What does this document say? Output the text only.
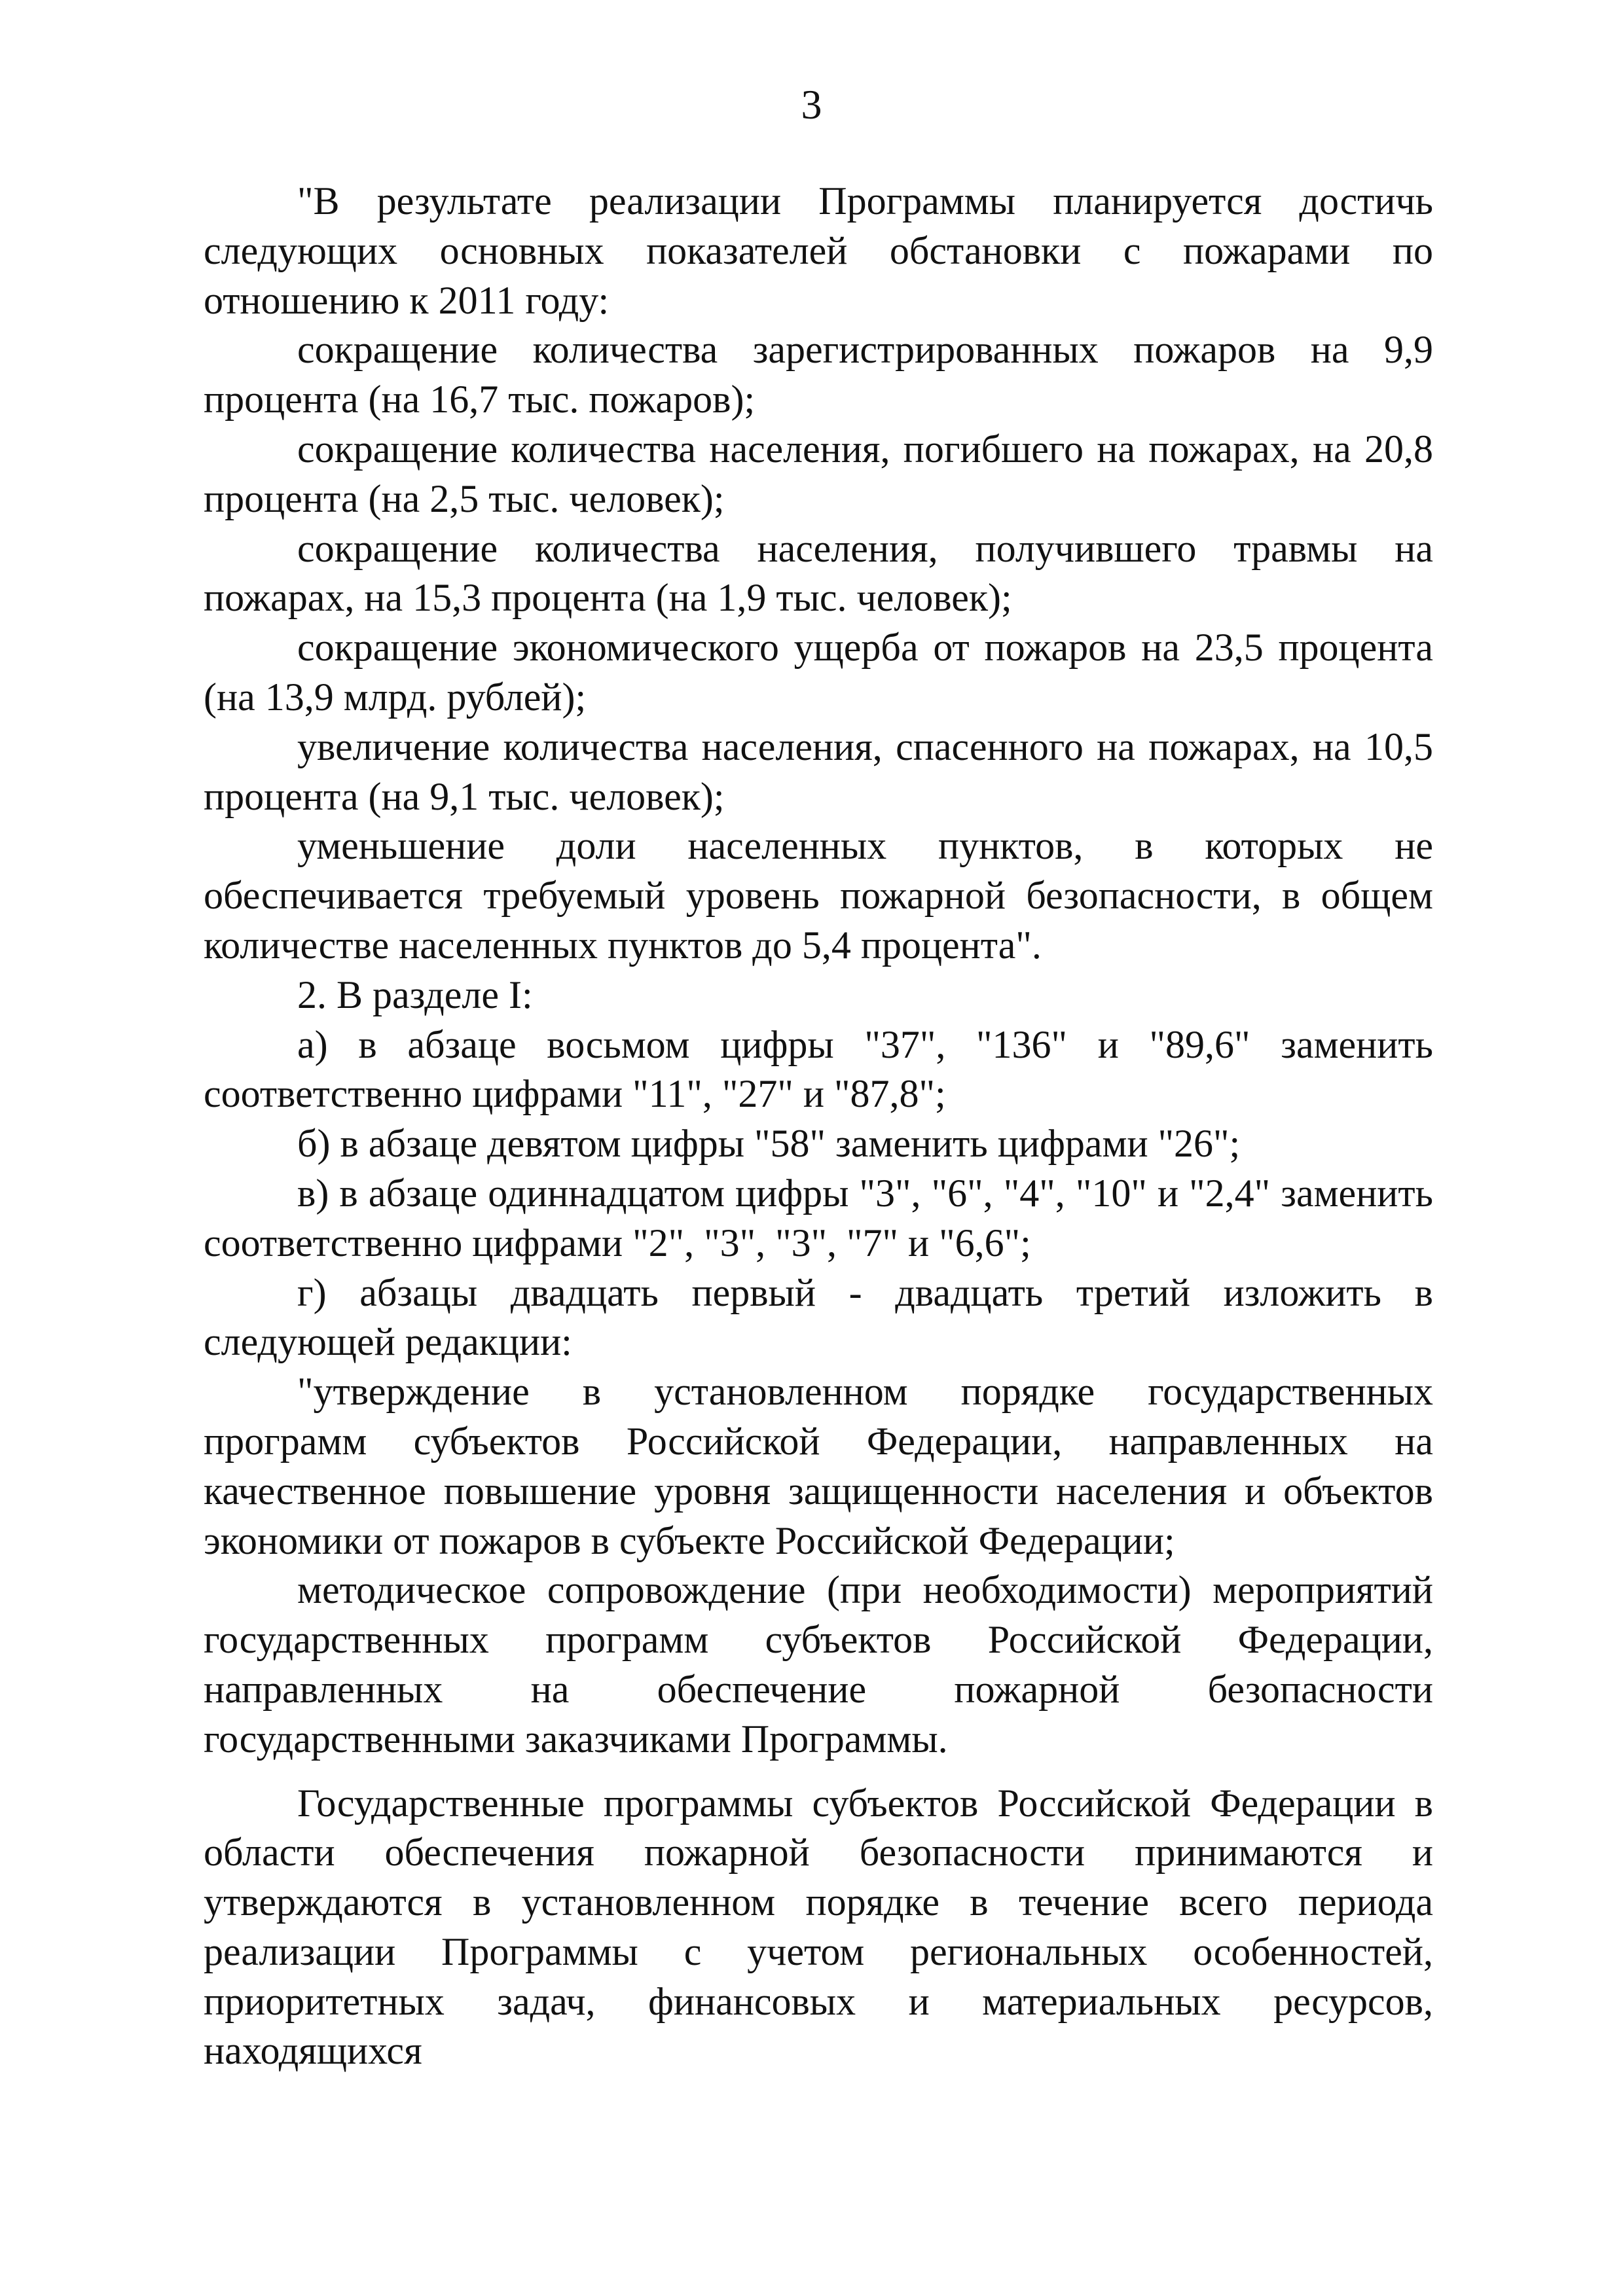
3

"В результате реализации Программы планируется достичь следующих основных показателей обстановки с пожарами по отношению к 2011 году:

сокращение количества зарегистрированных пожаров на 9,9 процента (на 16,7 тыс. пожаров);

сокращение количества населения, погибшего на пожарах, на 20,8 процента (на 2,5 тыс. человек);

сокращение количества населения, получившего травмы на пожарах, на 15,3 процента (на 1,9 тыс. человек);

сокращение экономического ущерба от пожаров на 23,5 процента (на 13,9 млрд. рублей);

увеличение количества населения, спасенного на пожарах, на 10,5 процента (на 9,1 тыс. человек);

уменьшение доли населенных пунктов, в которых не обеспечивается требуемый уровень пожарной безопасности, в общем количестве населенных пунктов до 5,4 процента".

2. В разделе I:

а) в абзаце восьмом цифры "37", "136" и "89,6" заменить соответственно цифрами "11", "27" и "87,8";

б) в абзаце девятом цифры "58" заменить цифрами "26";

в) в абзаце одиннадцатом цифры "3", "6", "4", "10" и "2,4" заменить соответственно цифрами "2", "3", "3", "7" и "6,6";

г) абзацы двадцать первый - двадцать третий изложить в следующей редакции:

"утверждение в установленном порядке государственных программ субъектов Российской Федерации, направленных на качественное повышение уровня защищенности населения и объектов экономики от пожаров в субъекте Российской Федерации;

методическое сопровождение (при необходимости) мероприятий государственных программ субъектов Российской Федерации, направленных на обеспечение пожарной безопасности государственными заказчиками Программы.

Государственные программы субъектов Российской Федерации в области обеспечения пожарной безопасности принимаются и утверждаются в установленном порядке в течение всего периода реализации Программы с учетом региональных особенностей, приоритетных задач, финансовых и материальных ресурсов, находящихся
